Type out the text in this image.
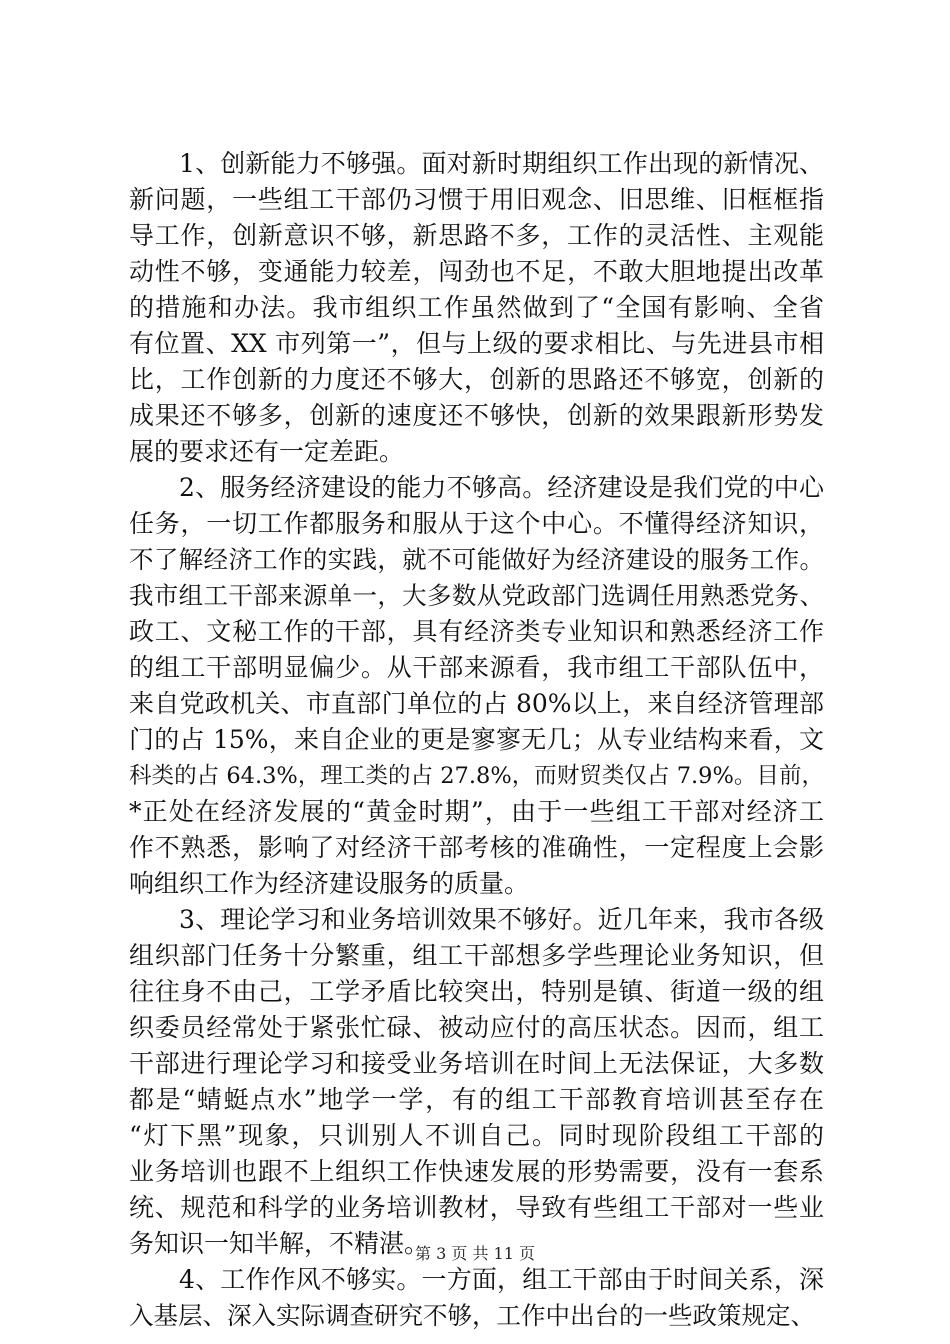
1、创新能力不够强。面对新时期组织工作出现的新情况、
新问题，一些组工干部仍习惯于用旧观念、旧思维、旧框框指
导工作，创新意识不够，新思路不多，工作的灵活性、主观能
动性不够，变通能力较差，闯劲也不足，不敢大胆地提出改革
的措施和办法。我市组织工作虽然做到了“全国有影响、全省
有位置、XX 市列第一”，但与上级的要求相比、与先进县市相
比，工作创新的力度还不够大，创新的思路还不够宽，创新的
成果还不够多，创新的速度还不够快，创新的效果跟新形势发
展的要求还有一定差距。
2、服务经济建设的能力不够高。经济建设是我们党的中心
任务，一切工作都服务和服从于这个中心。不懂得经济知识，
不了解经济工作的实践，就不可能做好为经济建设的服务工作。
我市组工干部来源单一，大多数从党政部门选调任用熟悉党务、
政工、文秘工作的干部，具有经济类专业知识和熟悉经济工作
的组工干部明显偏少。从干部来源看，我市组工干部队伍中，
来自党政机关、市直部门单位的占 80%以上，来自经济管理部
门的占 15%，来自企业的更是寥寥无几；从专业结构来看，文
科类的占 64.3%，理工类的占 27.8%，而财贸类仅占 7.9%。目前，
*正处在经济发展的“黄金时期”，由于一些组工干部对经济工
作不熟悉，影响了对经济干部考核的准确性，一定程度上会影
响组织工作为经济建设服务的质量。
3、理论学习和业务培训效果不够好。近几年来，我市各级
组织部门任务十分繁重，组工干部想多学些理论业务知识，但
往往身不由己，工学矛盾比较突出，特别是镇、街道一级的组
织委员经常处于紧张忙碌、被动应付的高压状态。因而，组工
干部进行理论学习和接受业务培训在时间上无法保证，大多数
都是“蜻蜓点水”地学一学，有的组工干部教育培训甚至存在
“灯下黑”现象，只训别人不训自己。同时现阶段组工干部的
业务培训也跟不上组织工作快速发展的形势需要，没有一套系
统、规范和科学的业务培训教材，导致有些组工干部对一些业
务知识一知半解，不精湛。
4、工作作风不够实。一方面，组工干部由于时间关系，深
入基层、深入实际调查研究不够，工作中出台的一些政策规定、
第 3 页 共 11 页
